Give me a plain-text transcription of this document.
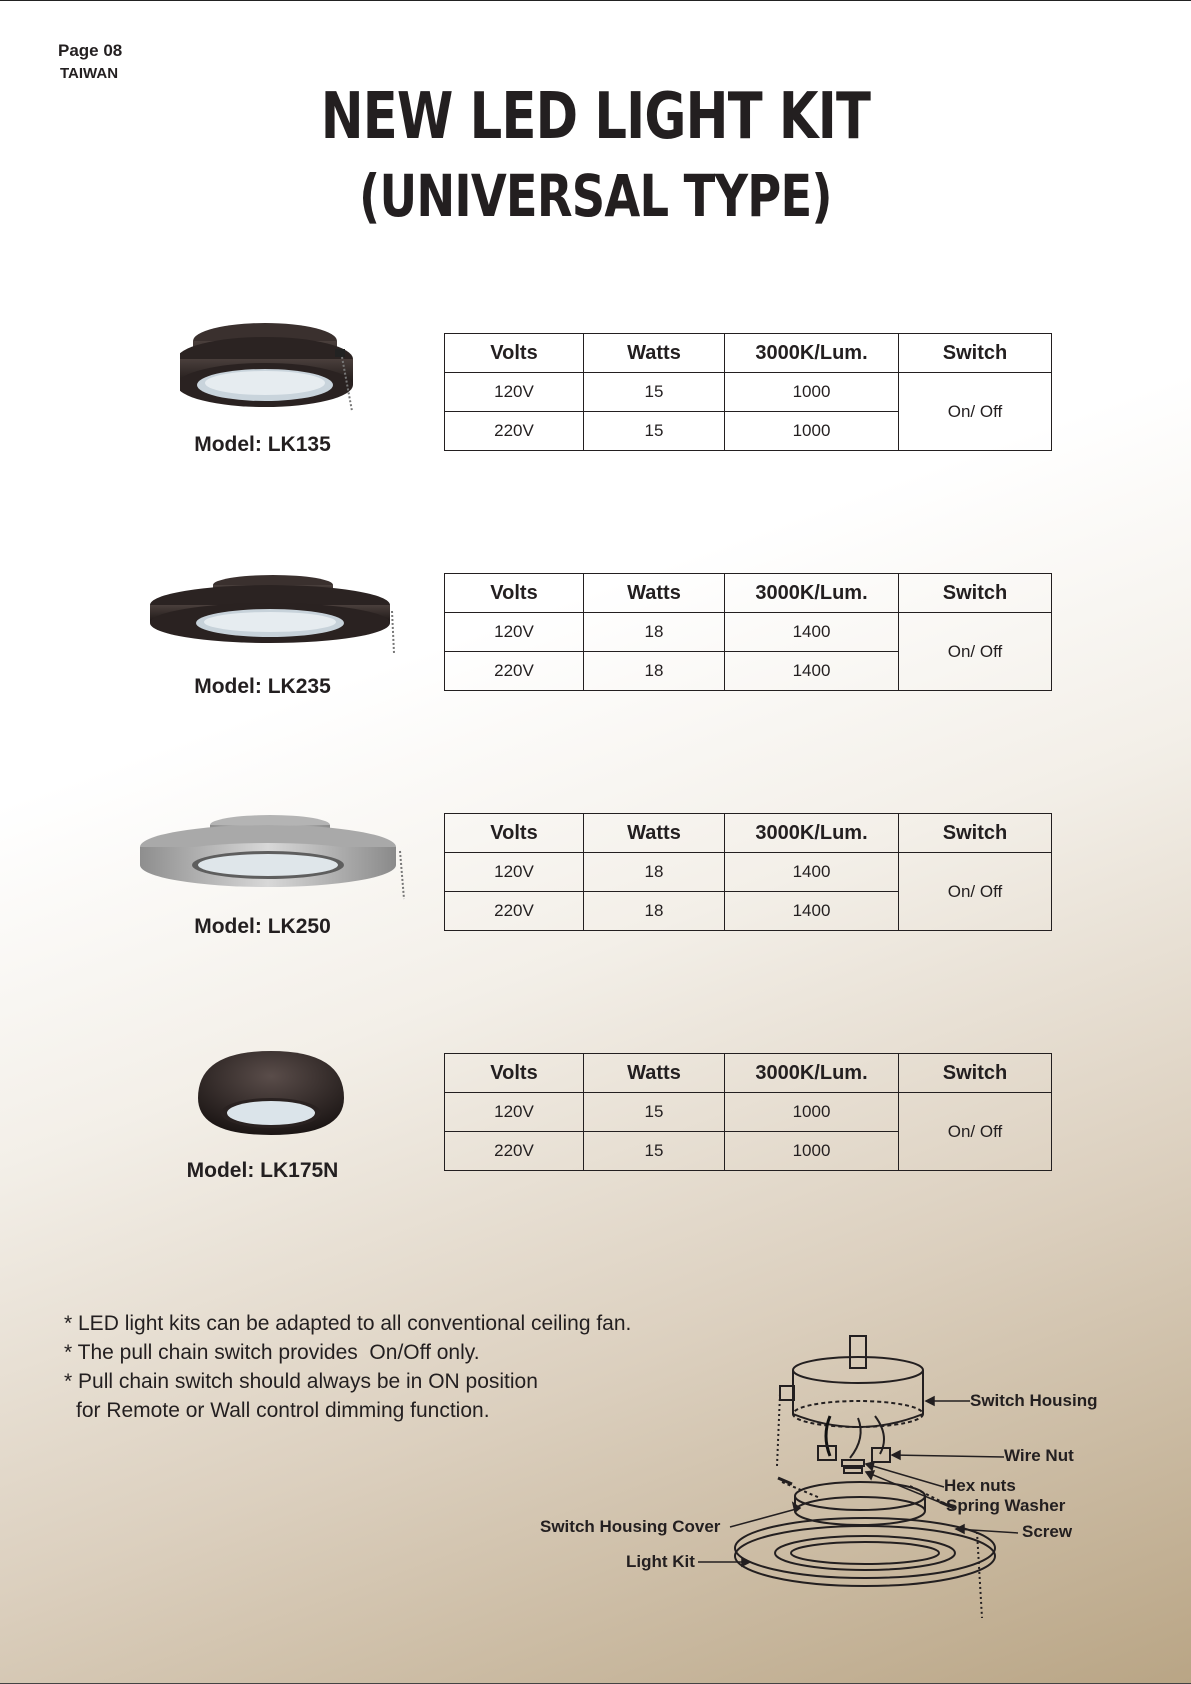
Page 08
TAIWAN
NEW LED LIGHT KIT
(UNIVERSAL TYPE)
Model: LK135
Volts	Watts	3000K/Lum.	Switch
120V	15	1000	On/ Off
220V	15	1000	
Model: LK235
Volts	Watts	3000K/Lum.	Switch
120V	18	1400	On/ Off
220V	18	1400	
Model: LK250
Volts	Watts	3000K/Lum.	Switch
120V	18	1400	On/ Off
220V	18	1400	
Model: LK175N
Volts	Watts	3000K/Lum.	Switch
120V	15	1000	On/ Off
220V	15	1000	
* LED light kits can be adapted to all conventional ceiling fan.
* The pull chain switch provides  On/Off only.
* Pull chain switch should always be in ON position
for Remote or Wall control dimming function.	Switch Housing
Wire Nut
Hex nuts
Spring Washer
Screw
Switch Housing Cover
Light Kit
